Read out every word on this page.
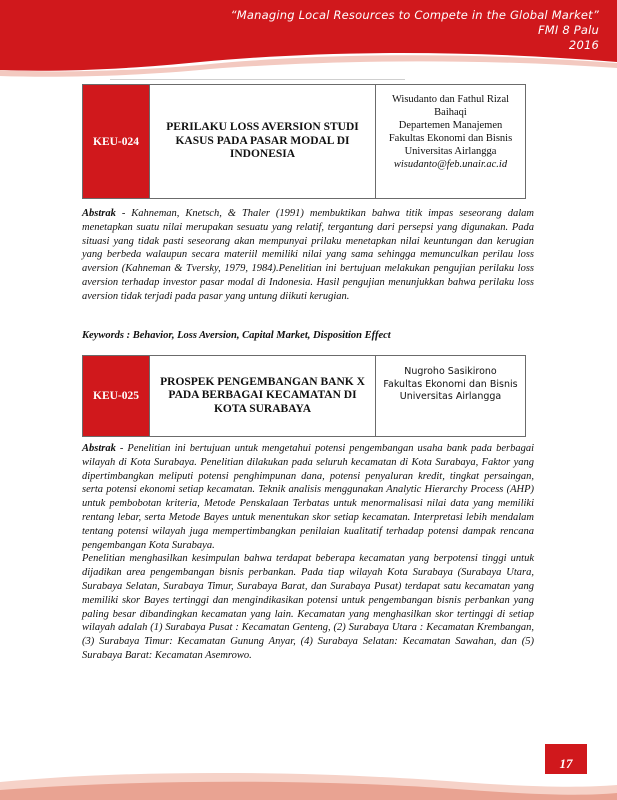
“Managing Local Resources to Compete in the Global Market”
FMI 8 Palu
2016
KEU-024
PERILAKU LOSS AVERSION STUDI KASUS PADA PASAR MODAL DI INDONESIA
Wisudanto dan Fathul Rizal Baihaqi
Departemen Manajemen
Fakultas Ekonomi dan Bisnis
Universitas Airlangga
wisudanto@feb.unair.ac.id

Abstrak - Kahneman, Knetsch, & Thaler (1991) membuktikan bahwa titik impas seseorang dalam menetapkan suatu nilai merupakan sesuatu yang relatif, tergantung dari persepsi yang digunakan. Pada situasi yang tidak pasti seseorang akan mempunyai prilaku menetapkan nilai keuntungan dan kerugian yang berbeda walaupun secara materiil memiliki nilai yang sama sehingga memunculkan perilau loss aversion (Kahneman & Tversky, 1979, 1984).Penelitian ini bertujuan melakukan pengujian perilaku loss aversion terhadap investor pasar modal di Indonesia. Hasil pengujian menunjukkan bahwa perilaku loss aversion tidak terjadi pada pasar yang untung diikuti kerugian.

Keywords : Behavior, Loss Aversion, Capital Market, Disposition Effect
KEU-025
PROSPEK PENGEMBANGAN BANK X PADA BERBAGAI KECAMATAN DI KOTA SURABAYA
Nugroho Sasikirono
Fakultas Ekonomi dan Bisnis Universitas Airlangga
Abstrak - Penelitian ini bertujuan untuk mengetahui potensi pengembangan usaha bank pada berbagai wilayah di Kota Surabaya. Penelitian dilakukan pada seluruh kecamatan di Kota Surabaya, Faktor yang dipertimbangkan meliputi potensi penghimpunan dana, potensi penyaluran kredit, tingkat persaingan, serta potensi ekonomi setiap kecamatan. Teknik analisis menggunakan Analytic Hierarchy Process (AHP) untuk pembobotan kriteria, Metode Penskalaan Terbatas untuk menormalisasi nilai data yang memiliki rentang lebar, serta Metode Bayes untuk menentukan skor setiap kecamatan. Interpretasi lebih mendalam tentang potensi wilayah juga mempertimbangkan penilaian kualitatif terhadap potensi dampak rencana pengembangan Kota Surabaya.
Penelitian menghasilkan kesimpulan bahwa terdapat beberapa kecamatan yang berpotensi tinggi untuk dijadikan area pengembangan bisnis perbankan. Pada tiap wilayah Kota Surabaya (Surabaya Utara, Surabaya Selatan, Surabaya Timur, Surabaya Barat, dan Surabaya Pusat) terdapat satu kecamatan yang memiliki skor Bayes tertinggi dan mengindikasikan potensi untuk pengembangan bisnis perbankan yang paling besar dibandingkan kecamatan yang lain. Kecamatan yang menghasilkan skor tertinggi di setiap wilayah adalah (1) Surabaya Pusat : Kecamatan Genteng, (2) Surabaya Utara : Kecamatan Krembangan, (3) Surabaya Timur: Kecamatan Gunung Anyar, (4) Surabaya Selatan: Kecamatan Sawahan, dan (5) Surabaya Barat: Kecamatan Asemrowo.
17
